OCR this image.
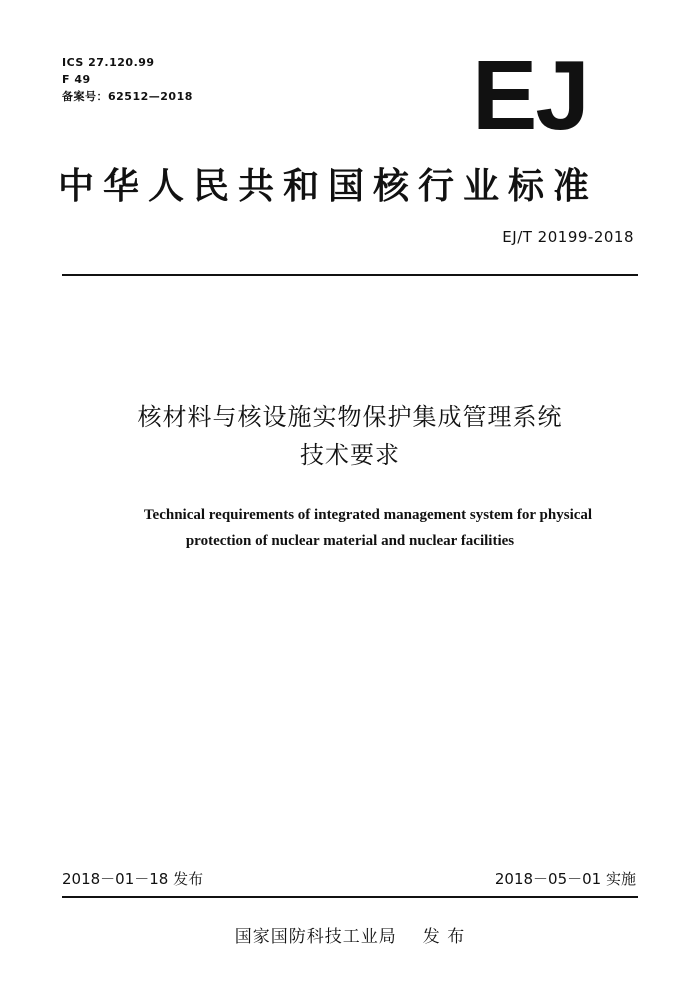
ICS 27.120.99
F 49
备案号：62512—2018	EJ
中华人民共和国核行业标准
EJ/T 20199-2018
核材料与核设施实物保护集成管理系统
技术要求
Technical requirements of integrated management system for physical
protection of nuclear material and nuclear facilities
2018－01－18 发布	2018－05－01 实施
国家国防科技工业局 发 布
